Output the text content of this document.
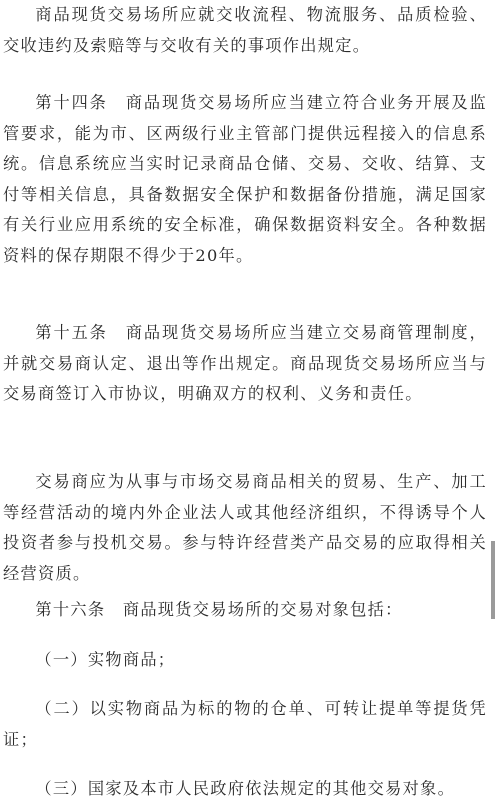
商品现货交易场所应就交收流程、物流服务、品质检验、交收违约及索赔等与交收有关的事项作出规定。

第十四条　商品现货交易场所应当建立符合业务开展及监管要求，能为市、区两级行业主管部门提供远程接入的信息系统。信息系统应当实时记录商品仓储、交易、交收、结算、支付等相关信息，具备数据安全保护和数据备份措施，满足国家有关行业应用系统的安全标准，确保数据资料安全。各种数据资料的保存期限不得少于20年。

第十五条　商品现货交易场所应当建立交易商管理制度，并就交易商认定、退出等作出规定。商品现货交易场所应当与交易商签订入市协议，明确双方的权利、义务和责任。

交易商应为从事与市场交易商品相关的贸易、生产、加工等经营活动的境内外企业法人或其他经济组织，不得诱导个人投资者参与投机交易。参与特许经营类产品交易的应取得相关经营资质。

第十六条　商品现货交易场所的交易对象包括：

（一）实物商品；

（二）以实物商品为标的物的仓单、可转让提单等提货凭证；

（三）国家及本市人民政府依法规定的其他交易对象。
